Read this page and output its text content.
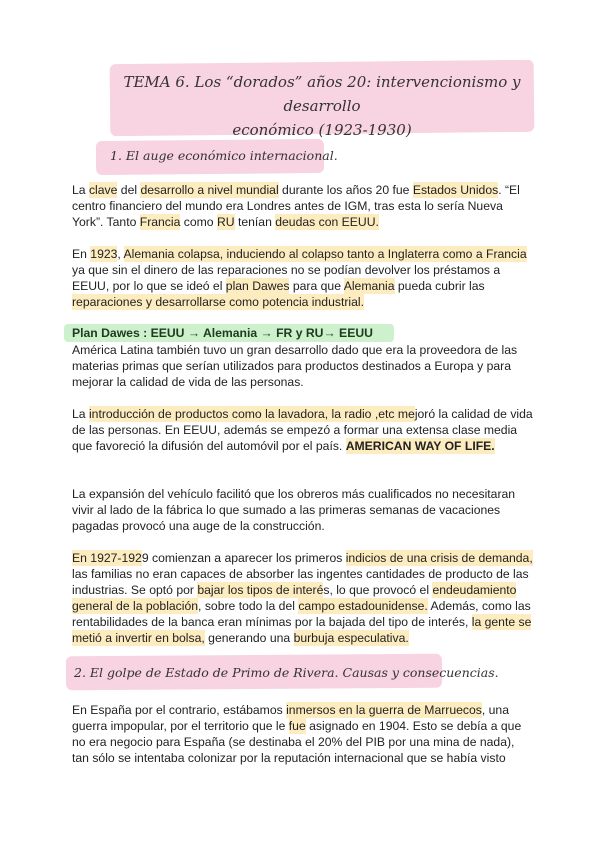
TEMA 6. Los “dorados” años 20: intervencionismo y desarrollo
económico (1923-1930)
1. El auge económico internacional.

La clave del desarrollo a nivel mundial durante los años 20 fue Estados Unidos. “El centro financiero del mundo era Londres antes de IGM, tras esta lo sería Nueva York”. Tanto Francia como RU tenían deudas con EEUU.

En 1923, Alemania colapsa, induciendo al colapso tanto a Inglaterra como a Francia ya que sin el dinero de las reparaciones no se podían devolver los préstamos a EEUU, por lo que se ideó el plan Dawes para que Alemania pueda cubrir las reparaciones y desarrollarse como potencia industrial.

Plan Dawes : EEUU → Alemania → FR y RU→ EEUU

América Latina también tuvo un gran desarrollo dado que era la proveedora de las materias primas que serían utilizados para productos destinados a Europa y para mejorar la calidad de vida de las personas.

La introducción de productos como la lavadora, la radio ,etc mejoró la calidad de vida de las personas. En EEUU, además se empezó a formar una extensa clase media que favoreció la difusión del automóvil por el país. AMERICAN WAY OF LIFE.

La expansión del vehículo facilitó que los obreros más cualificados no necesitaran vivir al lado de la fábrica lo que sumado a las primeras semanas de vacaciones pagadas provocó una auge de la construcción.

En 1927-1929 comienzan a aparecer los primeros indicios de una crisis de demanda, las familias no eran capaces de absorber las ingentes cantidades de producto de las industrias. Se optó por bajar los tipos de interés, lo que provocó el endeudamiento general de la población, sobre todo la del campo estadounidense. Además, como las rentabilidades de la banca eran mínimas por la bajada del tipo de interés, la gente se metió a invertir en bolsa, generando una burbuja especulativa.

2. El golpe de Estado de Primo de Rivera. Causas y consecuencias.

En España por el contrario, estábamos inmersos en la guerra de Marruecos, una guerra impopular, por el territorio que le fue asignado en 1904. Esto se debía a que no era negocio para España (se destinaba el 20% del PIB por una mina de nada), tan sólo se intentaba colonizar por la reputación internacional que se había visto
